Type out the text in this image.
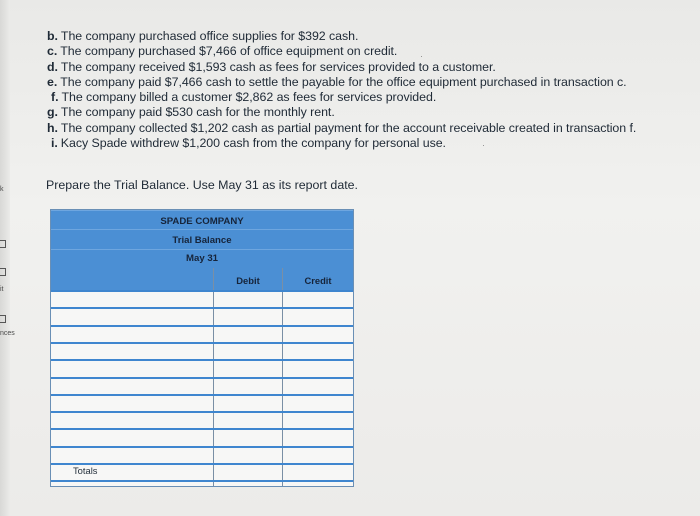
k
it
nces
b. The company purchased office supplies for $392 cash.
c. The company purchased $7,466 of office equipment on credit.
d. The company received $1,593 cash as fees for services provided to a customer.
e. The company paid $7,466 cash to settle the payable for the office equipment purchased in transaction c.
f. The company billed a customer $2,862 as fees for services provided.
g. The company paid $530 cash for the monthly rent.
h. The company collected $1,202 cash as partial payment for the account receivable created in transaction f.
i. Kacy Spade withdrew $1,200 cash from the company for personal use.
·
·
Prepare the Trial Balance. Use May 31 as its report date.
SPADE COMPANY
Trial Balance
May 31
Debit	Credit
Totals
